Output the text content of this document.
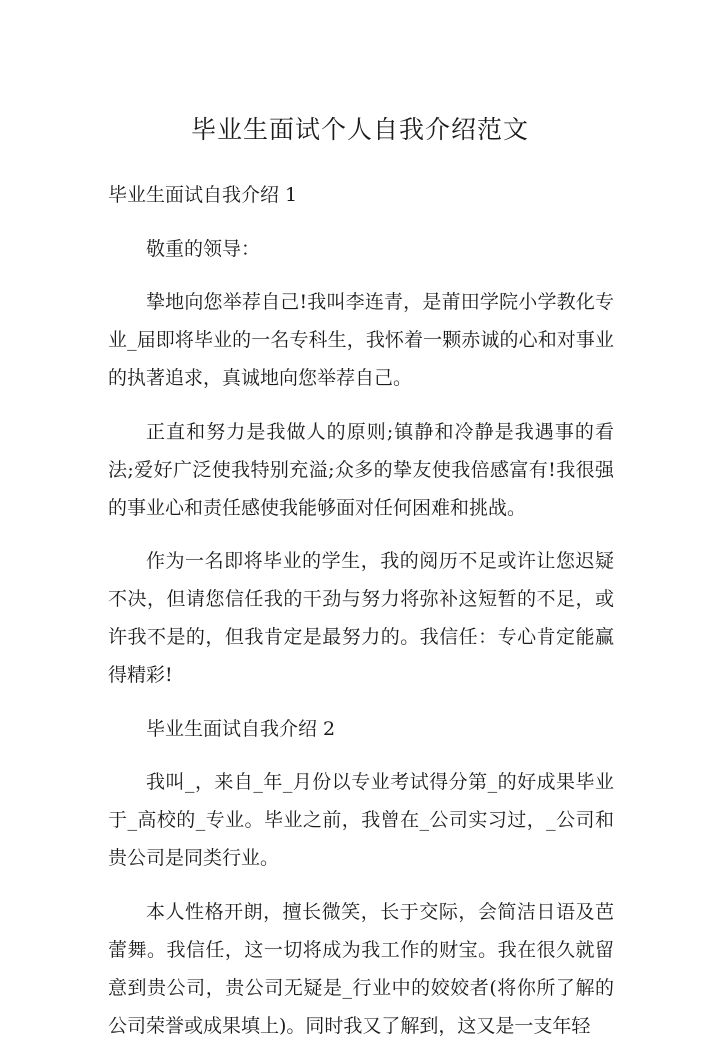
毕业生面试个人自我介绍范文

毕业生面试自我介绍 1

敬重的领导：

挚地向您举荐自己!我叫李连青，是莆田学院小学教化专业_届即将毕业的一名专科生，我怀着一颗赤诚的心和对事业的执著追求，真诚地向您举荐自己。

正直和努力是我做人的原则;镇静和冷静是我遇事的看法;爱好广泛使我特别充溢;众多的挚友使我倍感富有!我很强的事业心和责任感使我能够面对任何困难和挑战。

作为一名即将毕业的学生，我的阅历不足或许让您迟疑不决，但请您信任我的干劲与努力将弥补这短暂的不足，或许我不是的，但我肯定是最努力的。我信任：专心肯定能赢得精彩!

毕业生面试自我介绍 2

我叫_，来自_年_月份以专业考试得分第_的好成果毕业于_高校的_专业。毕业之前，我曾在_公司实习过，_公司和贵公司是同类行业。

本人性格开朗，擅长微笑，长于交际，会简洁日语及芭蕾舞。我信任，这一切将成为我工作的财宝。我在很久就留意到贵公司，贵公司无疑是_行业中的姣姣者(将你所了解的公司荣誉或成果填上)。同时我又了解到，这又是一支年轻
